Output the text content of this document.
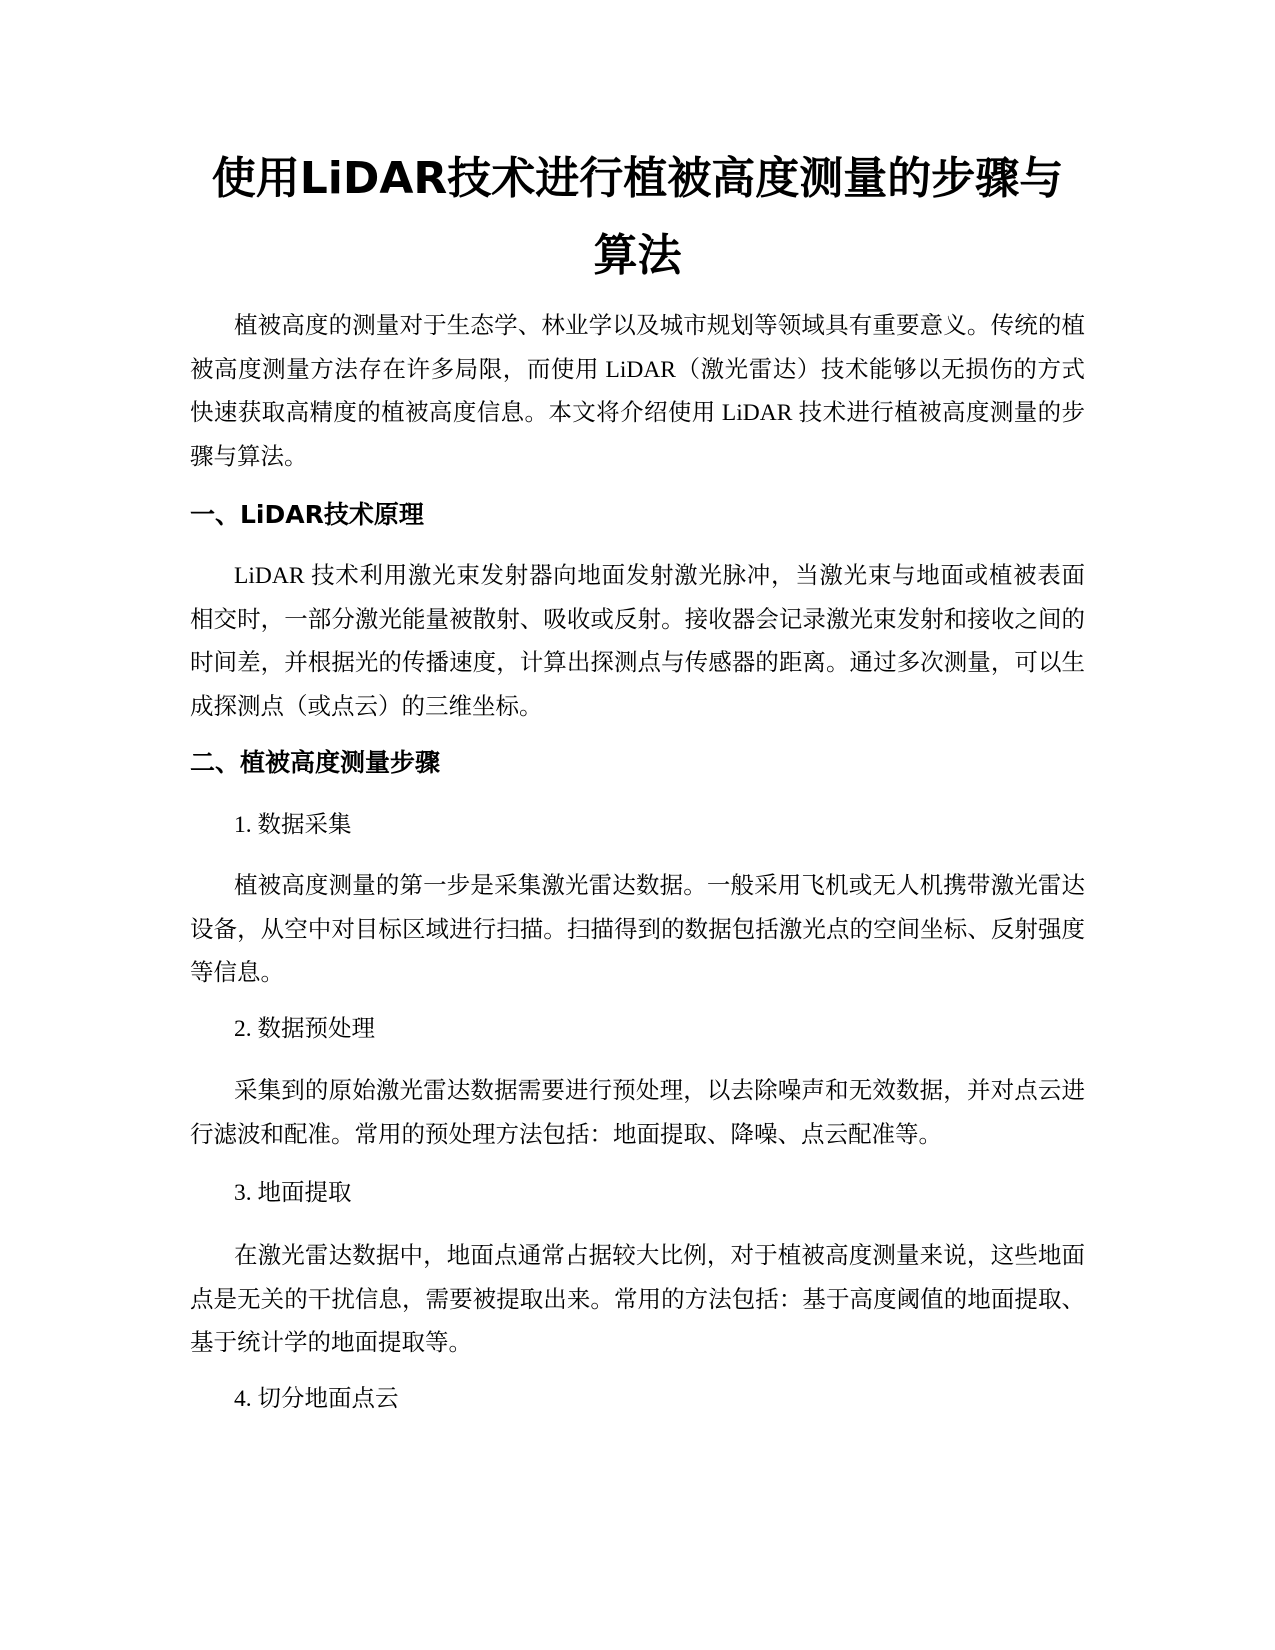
使用LiDAR技术进行植被高度测量的步骤与算法

植被高度的测量对于生态学、林业学以及城市规划等领域具有重要意义。传统的植被高度测量方法存在许多局限，而使用 LiDAR（激光雷达）技术能够以无损伤的方式快速获取高精度的植被高度信息。本文将介绍使用 LiDAR 技术进行植被高度测量的步骤与算法。

一、LiDAR技术原理

LiDAR 技术利用激光束发射器向地面发射激光脉冲，当激光束与地面或植被表面相交时，一部分激光能量被散射、吸收或反射。接收器会记录激光束发射和接收之间的时间差，并根据光的传播速度，计算出探测点与传感器的距离。通过多次测量，可以生成探测点（或点云）的三维坐标。

二、植被高度测量步骤

1. 数据采集

植被高度测量的第一步是采集激光雷达数据。一般采用飞机或无人机携带激光雷达设备，从空中对目标区域进行扫描。扫描得到的数据包括激光点的空间坐标、反射强度等信息。

2. 数据预处理

采集到的原始激光雷达数据需要进行预处理，以去除噪声和无效数据，并对点云进行滤波和配准。常用的预处理方法包括：地面提取、降噪、点云配准等。

3. 地面提取

在激光雷达数据中，地面点通常占据较大比例，对于植被高度测量来说，这些地面点是无关的干扰信息，需要被提取出来。常用的方法包括：基于高度阈值的地面提取、基于统计学的地面提取等。

4. 切分地面点云
